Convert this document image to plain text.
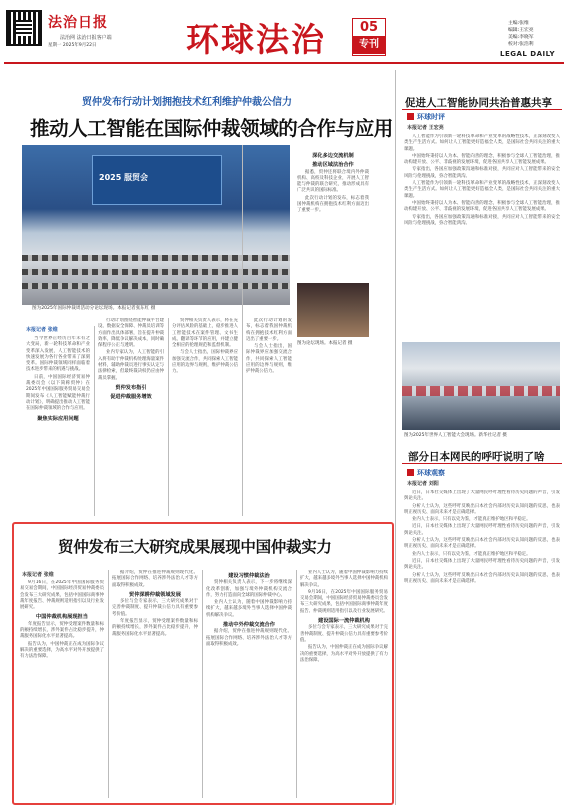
法治日报
法治网 法治日报客户端
星期一 2025年9月22日	环球法治	05
专刊
主编:张维
编辑:王宏亮
美编:李晓军
校对:张浩利
LEGAL DAILY
贸仲发布行动计划拥抱技术红利维护仲裁公信力
推动人工智能在国际仲裁领域的合作与应用
2025 服贸会
图为2025年国际仲裁周活动分论坛现场。本报记者张东红 摄
本报记者 张维

当今世界正经历百年未有之大变局，新一轮科技革命和产业变革深入发展，人工智能技术的快速发展为各行各业带来了深刻变革。国际仲裁领域同样面临着技术进步带来的机遇与挑战。

日前，中国国际经济贸易仲裁委员会（以下简称贸仲）在2025年中国国际服务贸易交易会期间发布《人工智能赋能仲裁行动计划》，明确提出推动人工智能在国际仲裁领域的合作与应用。

聚焦实际应用问题

行动计划围绕智能仲裁平台建设、数据安全保障、仲裁员培训等方面作出具体部署，旨在提升仲裁效率，降低争议解决成本，同时确保程序公正与透明。

业内专家认为，人工智能的引入将有助于仲裁机构处理海量案件材料，辅助仲裁员进行事实认定与法律检索，但最终裁决权仍应由仲裁员掌握。

贸仲发布指引

促进仲裁服务增效

贸仲相关负责人表示，将在充分评估风险的基础上，稳步推进人工智能技术在案件管理、文书生成、翻译等环节的应用，并建立健全相应的伦理规范和监督机制。

与会人士指出，国际仲裁界应加强交流合作，共同探索人工智能应用的边界与规则，维护仲裁公信力。

深化多边交流机制

推动区域法治合作

据悉，贸仲还将联合境内外仲裁机构、高校及科技企业，开展人工智能与仲裁的联合研究，推动形成具有广泛共识的国际标准。

此次行动计划的发布，标志着我国仲裁机构在拥抱技术红利方面迈出了重要一步。

此次行动计划的发布，标志着我国仲裁机构在拥抱技术红利方面迈出了重要一步。

与会人士指出，国际仲裁界应加强交流合作，共同探索人工智能应用的边界与规则，维护仲裁公信力。

图为论坛现场。本报记者 摄
促进人工智能协同共治普惠共享
环球时评
本报记者 王宏亮

人工智能作为引领新一轮科技革命和产业变革的战略性技术，正深刻改变人类生产生活方式。如何让人工智能更好造福全人类，是国际社会共同关注的重大课题。

中国始终秉持以人为本、智能向善的理念，积极参与全球人工智能治理，推动构建开放、公平、非歧视的发展环境，促进各国共享人工智能发展成果。

专家指出，各国应加强政策沟通和标准对接，共同应对人工智能带来的安全风险与伦理挑战，弥合智能鸿沟。

人工智能作为引领新一轮科技革命和产业变革的战略性技术，正深刻改变人类生产生活方式。如何让人工智能更好造福全人类，是国际社会共同关注的重大课题。

中国始终秉持以人为本、智能向善的理念，积极参与全球人工智能治理，推动构建开放、公平、非歧视的发展环境，促进各国共享人工智能发展成果。

专家指出，各国应加强政策沟通和标准对接，共同应对人工智能带来的安全风险与伦理挑战，弥合智能鸿沟。

图为2025年世界人工智能大会现场。新华社记者 摄
部分日本网民的呼吁说明了啥
环球观察
本报记者 刘阳

近日，日本社交媒体上出现了大量网民呼吁理性看待历史问题的声音，引发舆论关注。

分析人士认为，这些呼吁反映出日本社会内部对历史认知问题的反思，也表明正视历史、面向未来才是正确选择。

业内人士表示，只有以史为鉴，才能真正维护地区和平稳定。

近日，日本社交媒体上出现了大量网民呼吁理性看待历史问题的声音，引发舆论关注。

分析人士认为，这些呼吁反映出日本社会内部对历史认知问题的反思，也表明正视历史、面向未来才是正确选择。

业内人士表示，只有以史为鉴，才能真正维护地区和平稳定。

近日，日本社交媒体上出现了大量网民呼吁理性看待历史问题的声音，引发舆论关注。

分析人士认为，这些呼吁反映出日本社会内部对历史认知问题的反思，也表明正视历史、面向未来才是正确选择。

贸仲发布三大研究成果展现中国仲裁实力
本报记者 张维

9月16日，在2025年中国国际服务贸易交易会期间，中国国际经济贸易仲裁委员会发布三大研究成果，包括中国国际商事仲裁年度报告、仲裁规则适用指引以及行业发展研究。

中国仲裁机构展现担当

年度报告显示，贸仲受理案件数量和标的额持续增长，涉外案件占比稳步提升，仲裁服务国际化水平显著提高。

报告认为，中国仲裁正在成为国际争议解决的重要选择，为高水平对外开放提供了有力法治保障。

据介绍，贸仲在推进仲裁规则现代化、拓展国际合作网络、培养涉外法治人才等方面取得积极成效。

贸仲深耕仲裁领域发展

多位与会专家表示，三大研究成果对于完善仲裁制度、提升仲裁公信力具有重要参考价值。

年度报告显示，贸仲受理案件数量和标的额持续增长，涉外案件占比稳步提升，仲裁服务国际化水平显著提高。

建设习惯仲裁法治

贸仲相关负责人表示，下一步将继续深化改革创新，加强与境外仲裁机构交流合作，努力打造面向全球的国际仲裁中心。

业内人士认为，随着中国仲裁影响力持续扩大，越来越多境外当事人选择中国仲裁机构解决争议。

推动中外仲裁交流合作

据介绍，贸仲在推进仲裁规则现代化、拓展国际合作网络、培养涉外法治人才等方面取得积极成效。

业内人士认为，随着中国仲裁影响力持续扩大，越来越多境外当事人选择中国仲裁机构解决争议。

9月16日，在2025年中国国际服务贸易交易会期间，中国国际经济贸易仲裁委员会发布三大研究成果，包括中国国际商事仲裁年度报告、仲裁规则适用指引以及行业发展研究。

建设国际一流仲裁机构

多位与会专家表示，三大研究成果对于完善仲裁制度、提升仲裁公信力具有重要参考价值。

报告认为，中国仲裁正在成为国际争议解决的重要选择，为高水平对外开放提供了有力法治保障。
